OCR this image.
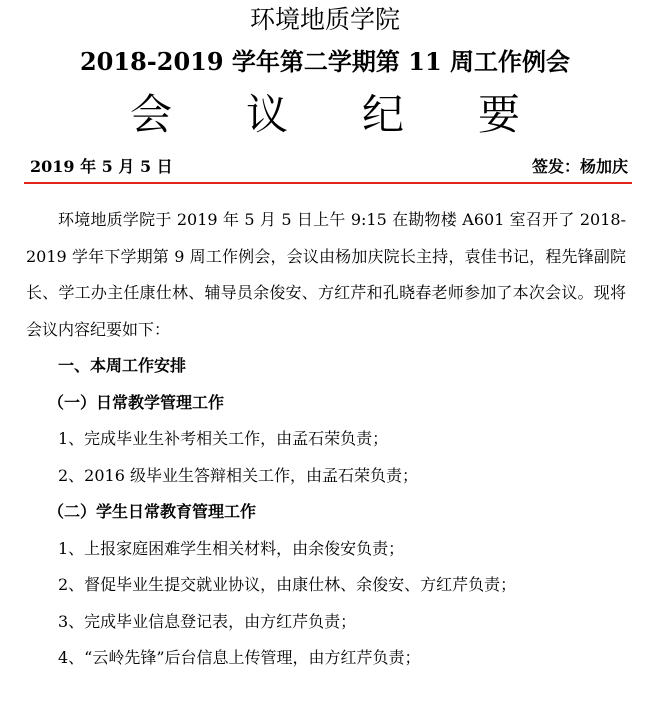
环境地质学院
2018-2019 学年第二学期第 11 周工作例会
会议纪要
2019 年 5 月 5 日	签发：杨加庆

环境地质学院于 2019 年 5 月 5 日上午 9:15 在勘物楼 A601 室召开了 2018-2019 学年下学期第 9 周工作例会，会议由杨加庆院长主持，袁佳书记，程先锋副院长、学工办主任康仕林、辅导员余俊安、方红芹和孔晓春老师参加了本次会议。现将会议内容纪要如下：

一、本周工作安排

（一）日常教学管理工作

1、完成毕业生补考相关工作，由孟石荣负责；

2、2016 级毕业生答辩相关工作，由孟石荣负责；

（二）学生日常教育管理工作

1、上报家庭困难学生相关材料，由余俊安负责；

2、督促毕业生提交就业协议，由康仕林、余俊安、方红芹负责；

3、完成毕业信息登记表，由方红芹负责；

4、“云岭先锋”后台信息上传管理，由方红芹负责；
